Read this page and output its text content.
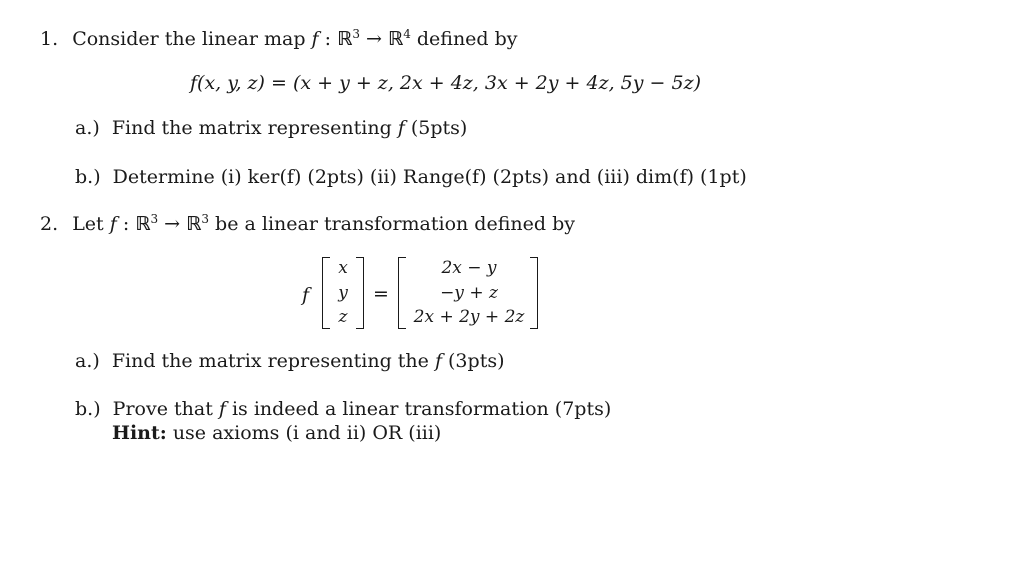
1. Consider the linear map f : ℝ$^3$ → ℝ$^4$ defined by
f(x, y, z) = (x + y + z, 2x + 4z, 3x + 2y + 4z, 5y − 5z)
a.) Find the matrix representing f (5pts)
b.) Determine (i) ker(f) (2pts) (ii) Range(f) (2pts) and (iii) dim(f) (1pt)
2. Let f : ℝ$^3$ → ℝ$^3$ be a linear transformation defined by
f
x
y
z
=
2x − y
−y + z
2x + 2y + 2z
a.) Find the matrix representing the f (3pts)
b.) Prove that f is indeed a linear transformation (7pts)
Hint: use axioms (i and ii) OR (iii)
